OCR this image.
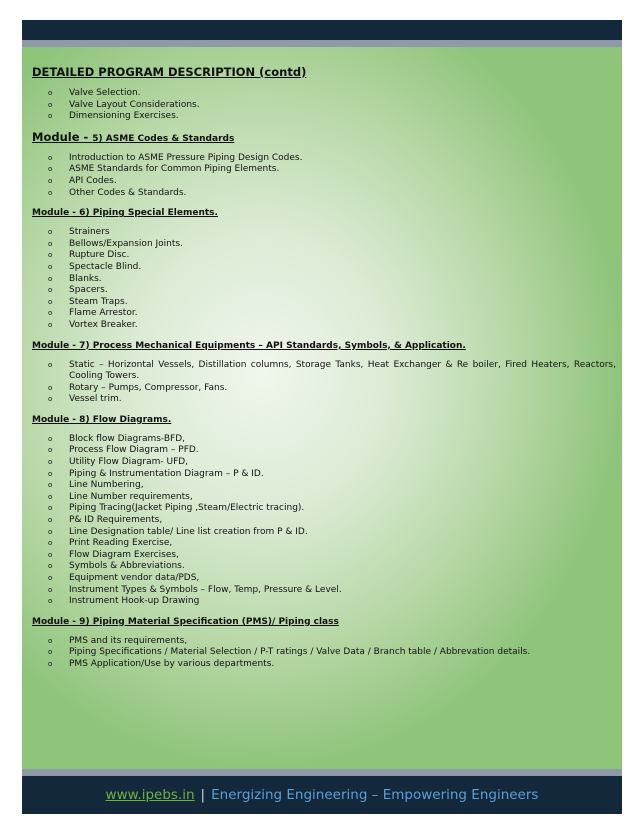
DETAILED PROGRAM DESCRIPTION (contd)
o Valve Selection.
o Valve Layout Considerations.
o Dimensioning Exercises.
Module - 5) ASME Codes & Standards
o Introduction to ASME Pressure Piping Design Codes.
o ASME Standards for Common Piping Elements.
o API Codes.
o Other Codes & Standards.
Module - 6) Piping Special Elements.
o Strainers
o Bellows/Expansion Joints.
o Rupture Disc.
o Spectacle Blind.
o Blanks.
o Spacers.
o Steam Traps.
o Flame Arrestor.
o Vortex Breaker.
Module - 7) Process Mechanical Equipments – API Standards, Symbols, & Application.
o Static – Horizontal Vessels, Distillation columns, Storage Tanks, Heat Exchanger & Re boiler, Fired Heaters, Reactors, Cooling Towers.
o Rotary – Pumps, Compressor, Fans.
o Vessel trim.
Module - 8) Flow Diagrams.
o Block flow Diagrams-BFD,
o Process Flow Diagram – PFD.
o Utility Flow Diagram- UFD,
o Piping & Instrumentation Diagram – P & ID.
o Line Numbering,
o Line Number requirements,
o Piping Tracing(Jacket Piping ,Steam/Electric tracing).
o P& ID Requirements,
o Line Designation table/ Line list creation from P & ID.
o Print Reading Exercise,
o Flow Diagram Exercises,
o Symbols & Abbreviations.
o Equipment vendor data/PDS,
o Instrument Types & Symbols – Flow, Temp, Pressure & Level.
o Instrument Hook-up Drawing
Module - 9) Piping Material Specification (PMS)/ Piping class
o PMS and its requirements,
o Piping Specifications / Material Selection / P-T ratings / Valve Data / Branch table / Abbrevation details.
o PMS Application/Use by various departments.
www.ipebs.in | Energizing Engineering – Empowering Engineers
